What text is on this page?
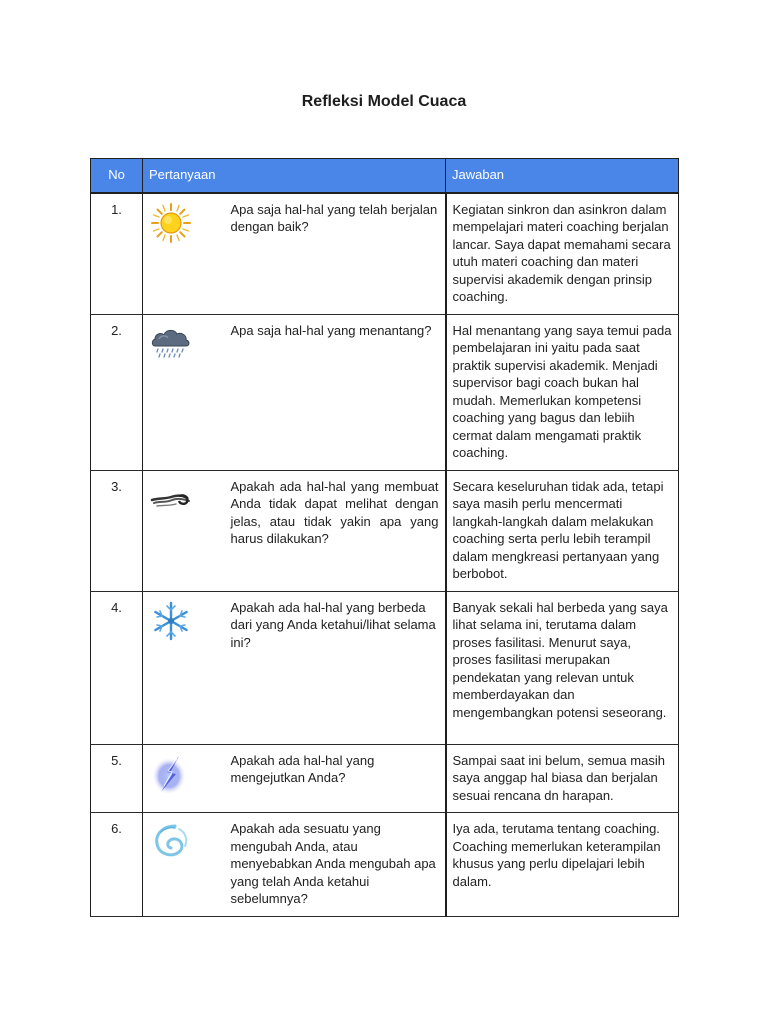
Refleksi Model Cuaca
No	Pertanyaan		Jawaban
1.		Apa saja hal-hal yang telah berjalan dengan baik?	Kegiatan sinkron dan asinkron dalam mempelajari materi coaching berjalan lancar. Saya dapat memahami secara utuh materi coaching dan materi supervisi akademik dengan prinsip coaching.
2.		Apa saja hal-hal yang menantang?	Hal menantang yang saya temui pada pembelajaran ini yaitu pada saat praktik supervisi akademik. Menjadi supervisor bagi coach bukan hal mudah. Memerlukan kompetensi coaching yang bagus dan lebiih cermat dalam mengamati praktik coaching.
3.		Apakah ada hal-hal yang membuat Anda tidak dapat melihat dengan jelas, atau tidak yakin apa yang harus dilakukan?	Secara keseluruhan tidak ada, tetapi saya masih perlu mencermati langkah-langkah dalam melakukan coaching serta perlu lebih terampil dalam mengkreasi pertanyaan yang berbobot.
4.		Apakah ada hal-hal yang berbeda dari yang Anda ketahui/lihat selama ini?	Banyak sekali hal berbeda yang saya lihat selama ini, terutama dalam proses fasilitasi. Menurut saya, proses fasilitasi merupakan pendekatan yang relevan untuk memberdayakan dan mengembangkan potensi seseorang.
5.		Apakah ada hal-hal yang mengejutkan Anda?	Sampai saat ini belum, semua masih saya anggap hal biasa dan berjalan sesuai rencana dn harapan.
6.		Apakah ada sesuatu yang mengubah Anda, atau menyebabkan Anda mengubah apa yang telah Anda ketahui sebelumnya?	Iya ada, terutama tentang coaching. Coaching memerlukan keterampilan khusus yang perlu dipelajari lebih dalam.
